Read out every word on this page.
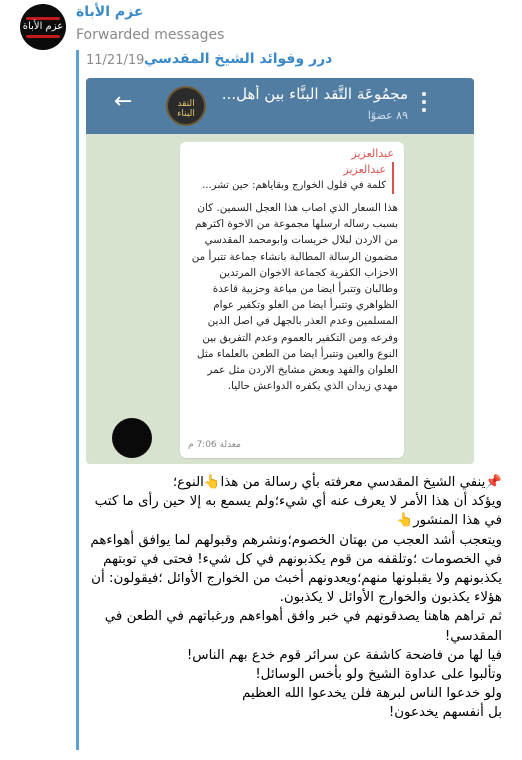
عزم الأباة
عزم الأباة
Forwarded messages
11/21/19 درر وفوائد الشيخ المقدسي
←	التقد البناء
مجمُوعَة التَّقد البنَّاء بين أهل...
٨٩ عضوًا
عبدالعزيز
عبدالعزيز
كلمة في فلول الخوارج وبقاياهم: حين تشر...
هذا السعار الذي اصاب هذا العجل السمين. كان بسبب رساله ارسلها مجموعة من الاخوة اكثرهم من الاردن لبلال خريسات وابومحمد المقدسي مضمون الرسالة المطالبة بانشاء جماعة تتبرأ من الاحزاب الكفرية كجماعة الاخوان المرتدين وطالبان وتتبرأ ايضا من مياعة وحزبية قاعدة الظواهري وتتبرأ ايضا من الغلو وتكفير عوام المسلمين وعدم العذر بالجهل في اصل الدين وفرعه ومن التكفير بالعموم وعدم التفريق بين النوع والعين وتتبرأ ايضا من الطعن بالعلماء مثل العلوان والفهد وبعض مشايخ الاردن مثل عمر مهدي زيدان الذي يكفره الدواعش حاليا.
معدلة 7:06 م

📌ينفي الشيخ المقدسي معرفته بأي رسالة من هذا👆النوع؛

ويؤكد أن هذا الأمر لا يعرف عنه أي شيء؛ولم يسمع به إلا حين رأى ما كتب في هذا المنشور👆

ويتعجب أشد العجب من بهتان الخصوم؛ونشرهم وقبولهم لما يوافق أهواءهم في الخصومات ؛وتلقفه من قوم يكذبونهم في كل شيء! فحتى في توبتهم يكذبونهم ولا يقبلونها منهم؛ويعدونهم أخبث من الخوارج الأوائل ؛فيقولون: أن هؤلاء يكذبون والخوارج الأوائل لا يكذبون.

ثم تراهم هاهنا يصدقونهم في خبر وافق أهواءهم ورغباتهم في الطعن في المقدسي!

فيا لها من فاضحة كاشفة عن سرائر قوم خدع بهم الناس!

وتألبوا على عداوة الشيخ ولو بأخس الوسائل!

ولو خدعوا الناس لبرهة فلن يخدعوا الله العظيم

بل أنفسهم يخدعون!
